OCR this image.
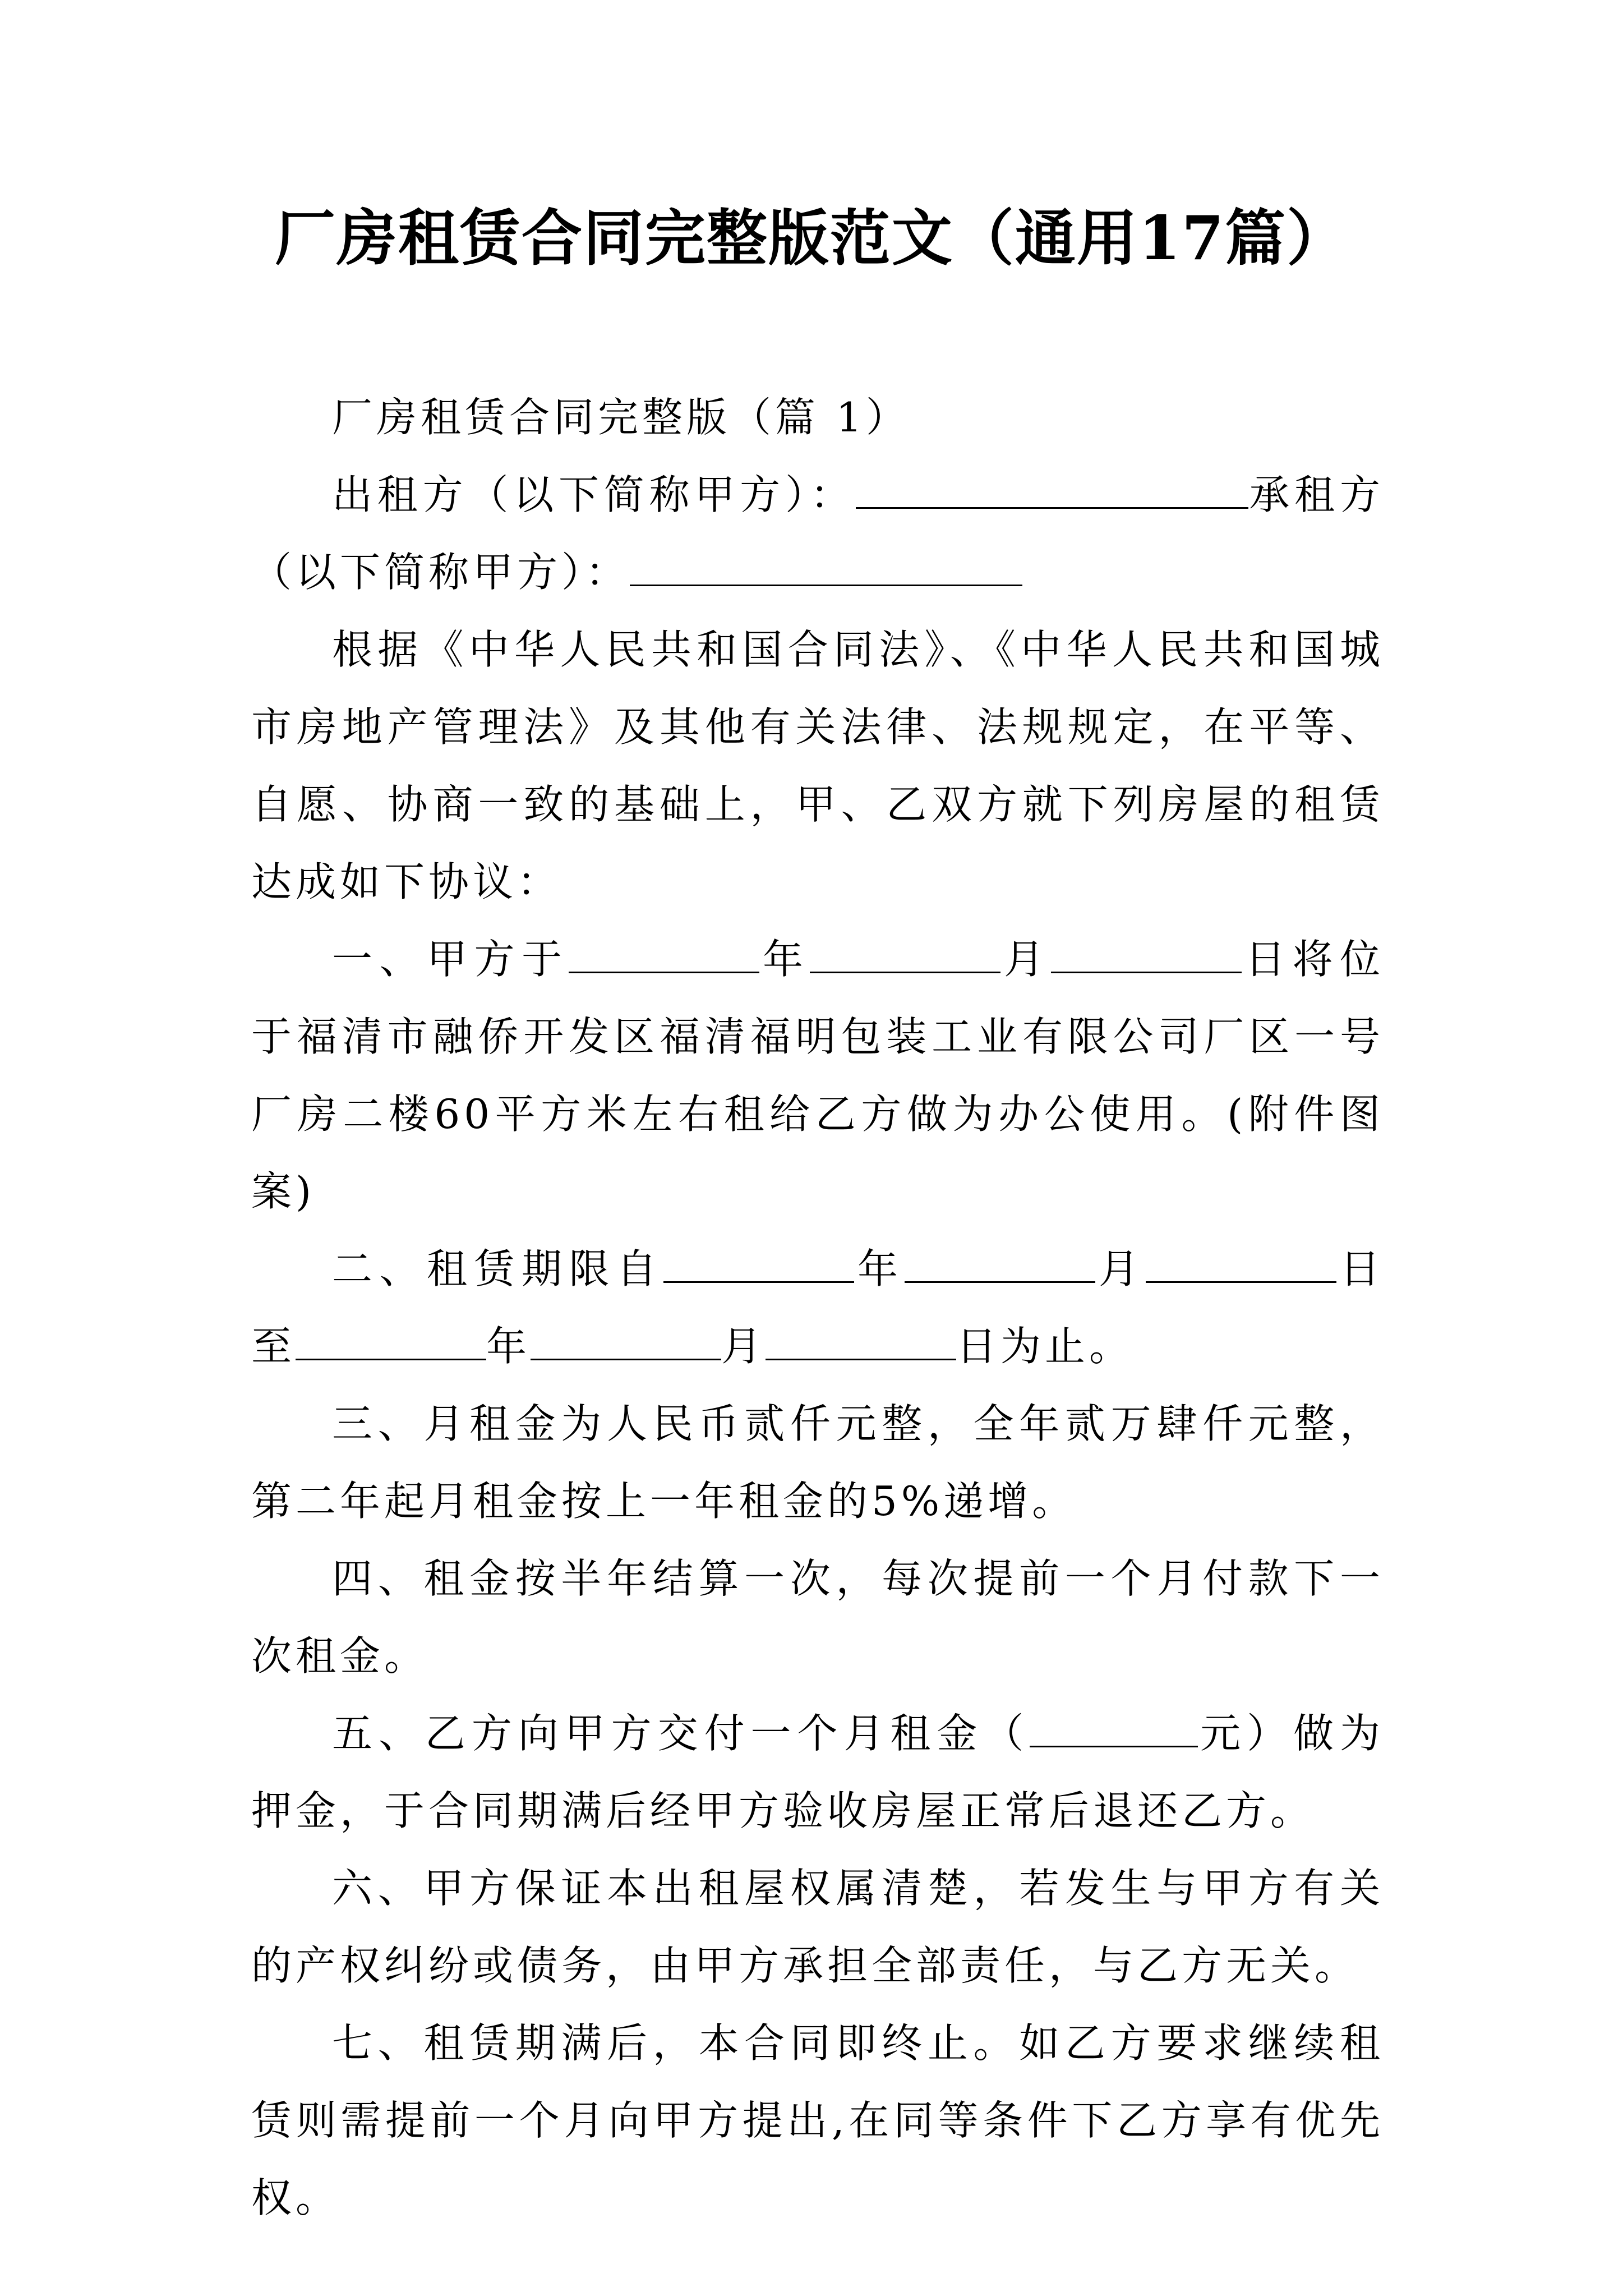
厂房租赁合同完整版范文（通用17篇）

厂房租赁合同完整版（篇 1）

出租方（以下简称甲方）：	承租方（以下简称甲方）：

根据《中华人民共和国合同法》、《中华人民共和国城市房地产管理法》及其他有关法律、法规规定，在平等、自愿、协商一致的基础上，甲、乙双方就下列房屋的租赁达成如下协议：

一、甲方于	年	月	日将位于福清市融侨开发区福清福明包装工业有限公司厂区一号厂房二楼60平方米左右租给乙方做为办公使用。(附件图案)

二、租赁期限自	年	月	日至	年	月	日为止。

三、月租金为人民币贰仟元整，全年贰万肆仟元整，第二年起月租金按上一年租金的5%递增。

四、租金按半年结算一次，每次提前一个月付款下一次租金。

五、乙方向甲方交付一个月租金（	元）做为押金，于合同期满后经甲方验收房屋正常后退还乙方。

六、甲方保证本出租屋权属清楚，若发生与甲方有关的产权纠纷或债务，由甲方承担全部责任，与乙方无关。

七、租赁期满后，本合同即终止。如乙方要求继续租赁则需提前一个月向甲方提出,在同等条件下乙方享有优先权。
